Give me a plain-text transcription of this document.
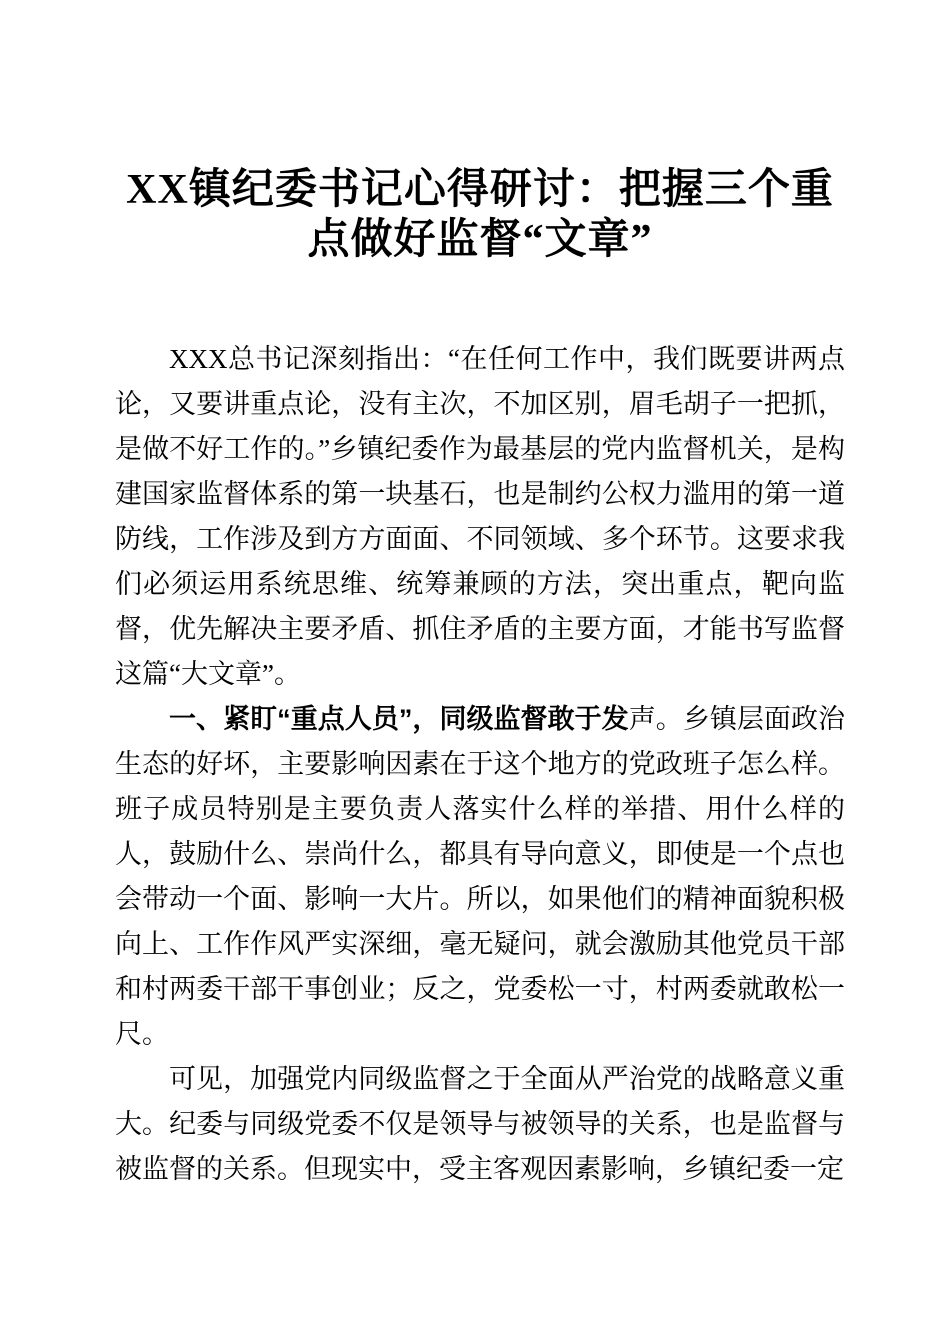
XX镇纪委书记心得研讨：把握三个重
点做好监督“文章”

XXX总书记深刻指出：“在任何工作中，我们既要讲两点论，又要讲重点论，没有主次，不加区别，眉毛胡子一把抓，是做不好工作的。”乡镇纪委作为最基层的党内监督机关，是构建国家监督体系的第一块基石，也是制约公权力滥用的第一道防线，工作涉及到方方面面、不同领域、多个环节。这要求我们必须运用系统思维、统筹兼顾的方法，突出重点，靶向监督，优先解决主要矛盾、抓住矛盾的主要方面，才能书写监督这篇“大文章”。

一、紧盯“重点人员”，同级监督敢于发声。乡镇层面政治生态的好坏，主要影响因素在于这个地方的党政班子怎么样。班子成员特别是主要负责人落实什么样的举措、用什么样的人，鼓励什么、崇尚什么，都具有导向意义，即使是一个点也会带动一个面、影响一大片。所以，如果他们的精神面貌积极向上、工作作风严实深细，毫无疑问，就会激励其他党员干部和村两委干部干事创业；反之，党委松一寸，村两委就敢松一尺。

可见，加强党内同级监督之于全面从严治党的战略意义重大。纪委与同级党委不仅是领导与被领导的关系，也是监督与被监督的关系。但现实中，受主客观因素影响，乡镇纪委一定
